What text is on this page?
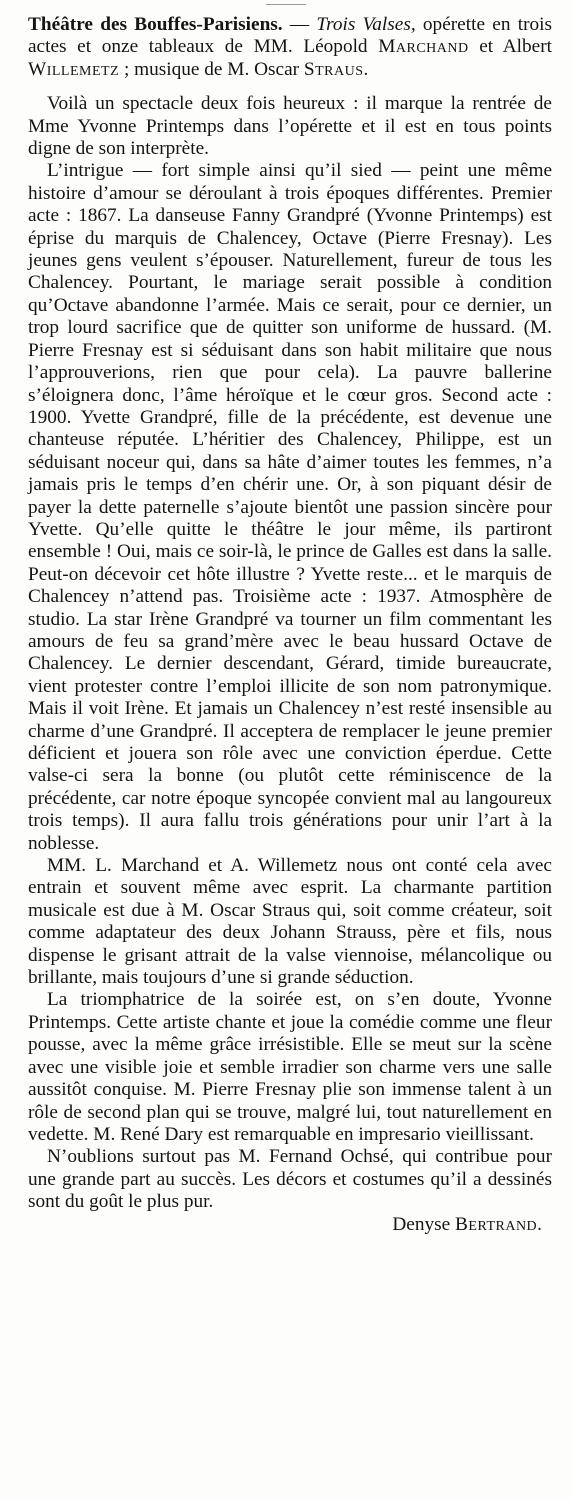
Théâtre des Bouffes-Parisiens. — Trois Valses, opérette en trois actes et onze tableaux de MM. Léopold Marchand et Albert Willemetz ; musique de M. Oscar Straus.

Voilà un spectacle deux fois heureux : il marque la rentrée de Mme Yvonne Printemps dans l’opérette et il est en tous points digne de son interprète.

L’intrigue — fort simple ainsi qu’il sied — peint une même histoire d’amour se déroulant à trois époques différentes. Premier acte : 1867. La danseuse Fanny Grandpré (Yvonne Printemps) est éprise du marquis de Chalencey, Octave (Pierre Fresnay). Les jeunes gens veulent s’épouser. Naturellement, fureur de tous les Chalencey. Pourtant, le mariage serait possible à condition qu’Octave abandonne l’armée. Mais ce serait, pour ce dernier, un trop lourd sacrifice que de quitter son uniforme de hussard. (M. Pierre Fresnay est si séduisant dans son habit militaire que nous l’approuverions, rien que pour cela). La pauvre ballerine s’éloignera donc, l’âme héroïque et le cœur gros. Second acte : 1900. Yvette Grandpré, fille de la précédente, est devenue une chanteuse réputée. L’héritier des Chalencey, Philippe, est un séduisant noceur qui, dans sa hâte d’aimer toutes les femmes, n’a jamais pris le temps d’en chérir une. Or, à son piquant désir de payer la dette paternelle s’ajoute bientôt une passion sincère pour Yvette. Qu’elle quitte le théâtre le jour même, ils partiront ensemble ! Oui, mais ce soir-là, le prince de Galles est dans la salle. Peut-on décevoir cet hôte illustre ? Yvette reste... et le marquis de Chalencey n’attend pas. Troisième acte : 1937. Atmosphère de studio. La star Irène Grandpré va tourner un film commentant les amours de feu sa grand’mère avec le beau hussard Octave de Chalencey. Le dernier descendant, Gérard, timide bureaucrate, vient protester contre l’emploi illicite de son nom patronymique. Mais il voit Irène. Et jamais un Chalencey n’est resté insensible au charme d’une Grandpré. Il acceptera de remplacer le jeune premier déficient et jouera son rôle avec une conviction éperdue. Cette valse-ci sera la bonne (ou plutôt cette réminiscence de la précédente, car notre époque syncopée convient mal au langoureux trois temps). Il aura fallu trois générations pour unir l’art à la noblesse.

MM. L. Marchand et A. Willemetz nous ont conté cela avec entrain et souvent même avec esprit. La charmante partition musicale est due à M. Oscar Straus qui, soit comme créateur, soit comme adaptateur des deux Johann Strauss, père et fils, nous dispense le grisant attrait de la valse viennoise, mélancolique ou brillante, mais toujours d’une si grande séduction.

La triomphatrice de la soirée est, on s’en doute, Yvonne Printemps. Cette artiste chante et joue la comédie comme une fleur pousse, avec la même grâce irrésistible. Elle se meut sur la scène avec une visible joie et semble irradier son charme vers une salle aussitôt conquise. M. Pierre Fresnay plie son immense talent à un rôle de second plan qui se trouve, malgré lui, tout naturellement en vedette. M. René Dary est remarquable en impresario vieillissant.

N’oublions surtout pas M. Fernand Ochsé, qui contribue pour une grande part au succès. Les décors et costumes qu’il a dessinés sont du goût le plus pur.

Denyse Bertrand.
